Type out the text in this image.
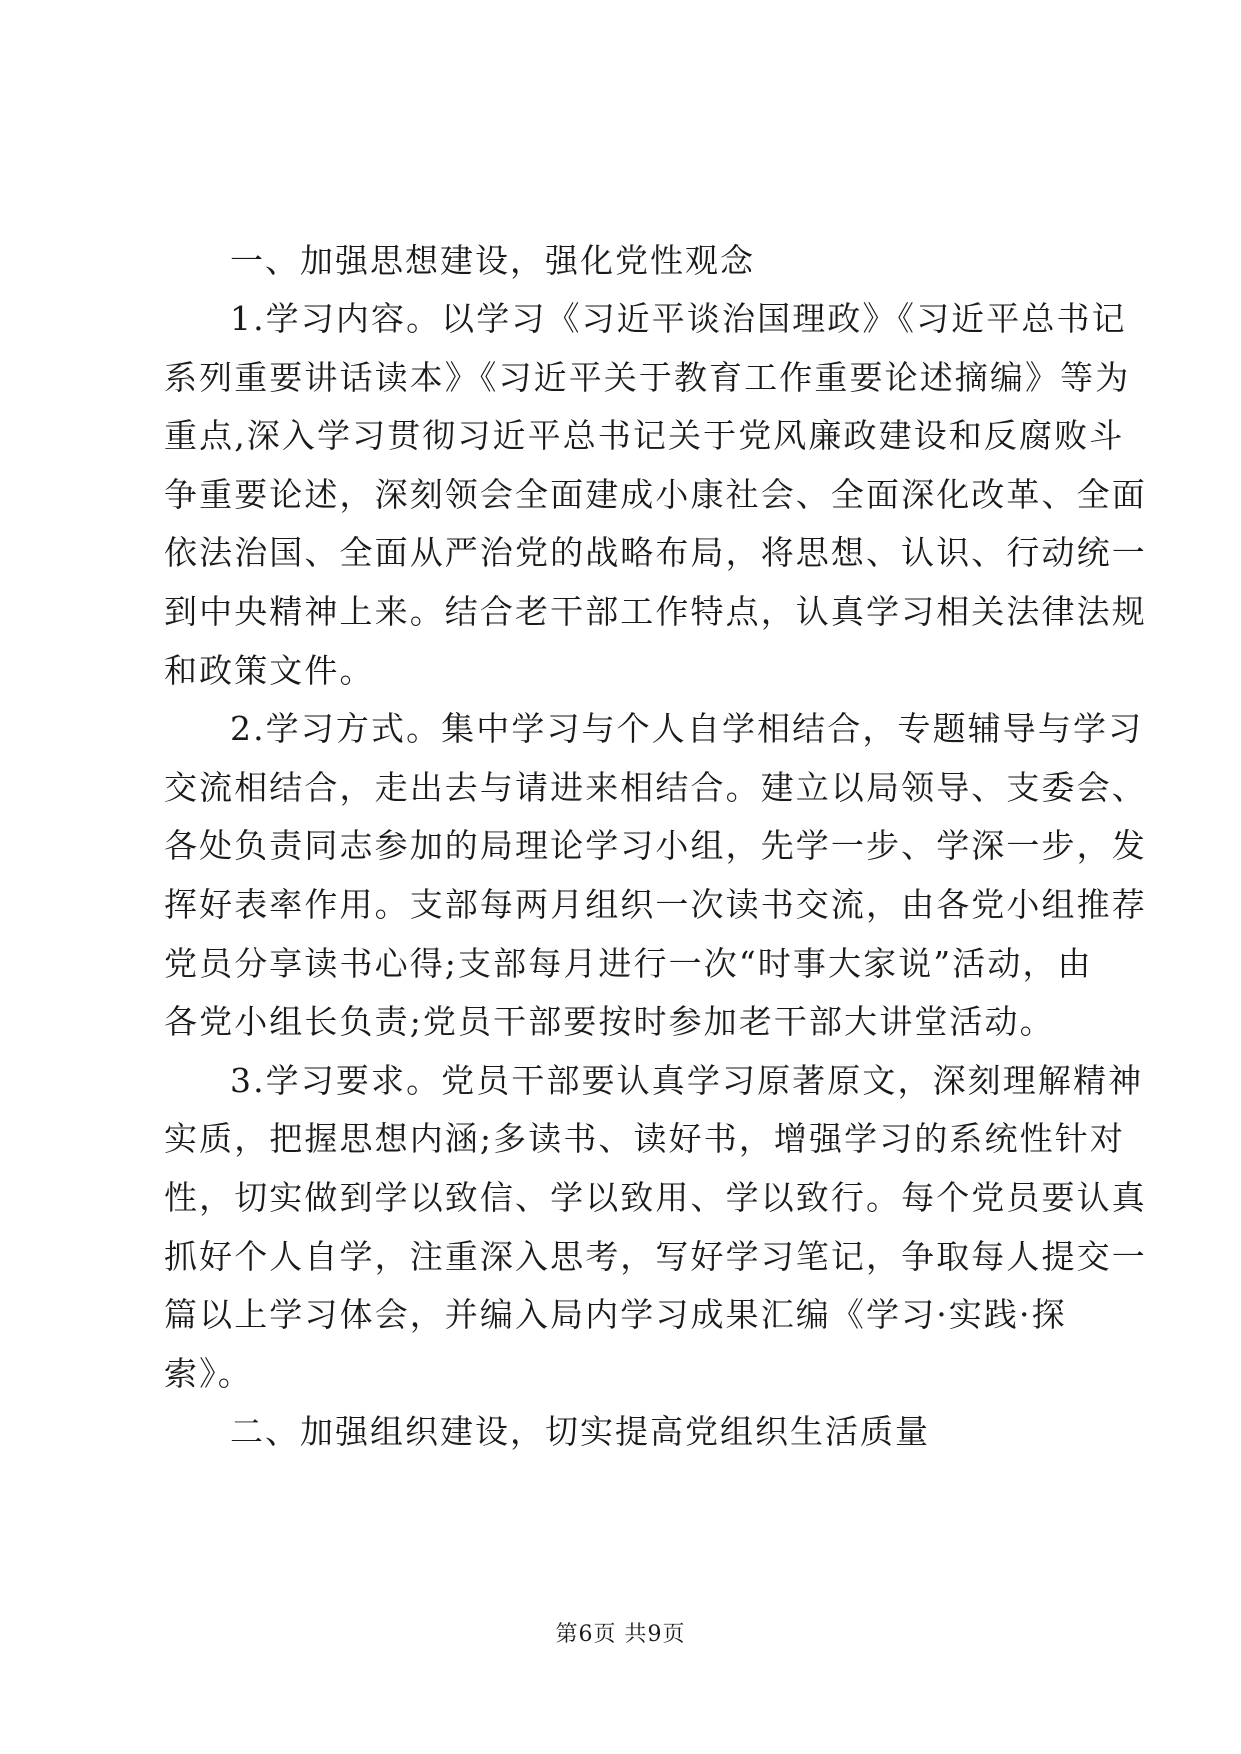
一、加强思想建设，强化党性观念

1.学习内容。以学习《习近平谈治国理政》《习近平总书记
系列重要讲话读本》《习近平关于教育工作重要论述摘编》等为
重点,深入学习贯彻习近平总书记关于党风廉政建设和反腐败斗
争重要论述，深刻领会全面建成小康社会、全面深化改革、全面
依法治国、全面从严治党的战略布局，将思想、认识、行动统一
到中央精神上来。结合老干部工作特点，认真学习相关法律法规
和政策文件。

2.学习方式。集中学习与个人自学相结合，专题辅导与学习
交流相结合，走出去与请进来相结合。建立以局领导、支委会、
各处负责同志参加的局理论学习小组，先学一步、学深一步，发
挥好表率作用。支部每两月组织一次读书交流，由各党小组推荐
党员分享读书心得;支部每月进行一次“时事大家说”活动，由
各党小组长负责;党员干部要按时参加老干部大讲堂活动。

3.学习要求。党员干部要认真学习原著原文，深刻理解精神
实质，把握思想内涵;多读书、读好书，增强学习的系统性针对
性，切实做到学以致信、学以致用、学以致行。每个党员要认真
抓好个人自学，注重深入思考，写好学习笔记，争取每人提交一
篇以上学习体会，并编入局内学习成果汇编《学习·实践·探
索》。

二、加强组织建设，切实提高党组织生活质量

第6页 共9页
